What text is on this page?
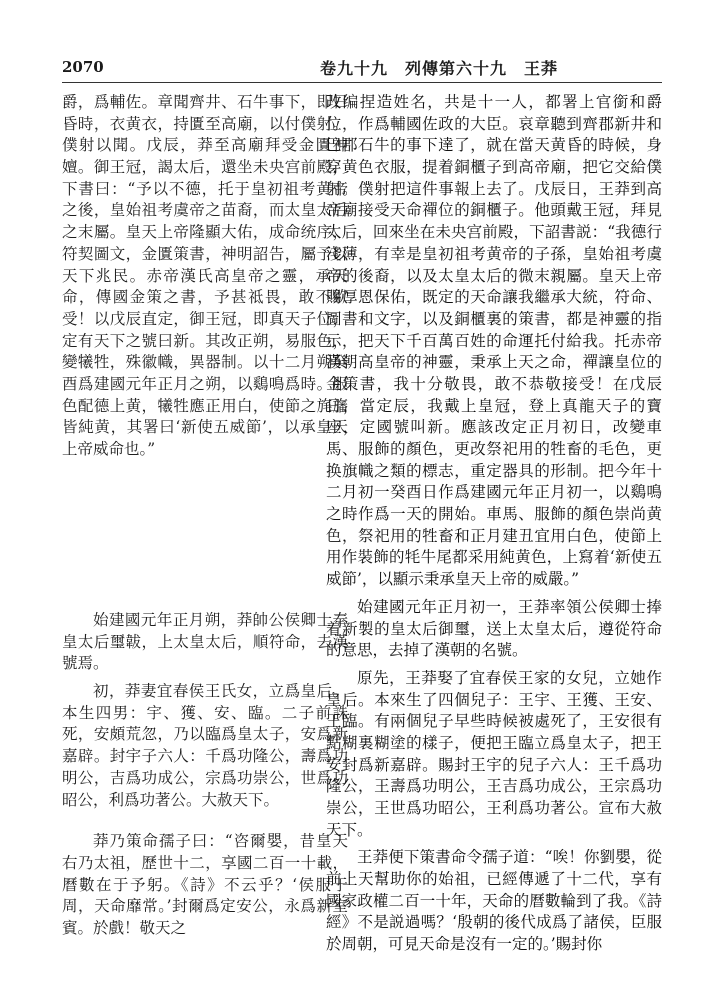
2070	卷九十九　列傳第六十九　王莽

爵，爲輔佐。章聞齊井、石牛事下，即日昏時，衣黄衣，持匱至高廟，以付僕射。僕射以聞。戊辰，莽至高廟拜受金匱神嬗。御王冠，謁太后，還坐未央宫前殿，下書曰：“予以不德，托于皇初祖考黄帝之後，皇始祖考虞帝之苗裔，而太皇太后之末屬。皇天上帝隆顯大佑，成命统序，符契圖文，金匱策書，神明詔告，屬予以天下兆民。赤帝漢氏高皇帝之靈，承天命，傳國金策之書，予甚祗畏，敢不欽受！以戊辰直定，御王冠，即真天子位，定有天下之號曰新。其改正朔，易服色，變犧牲，殊徽幟，異器制。以十二月朔癸酉爲建國元年正月之朔，以鷄鳴爲時。服色配德上黄，犧牲應正用白，使節之旄旛皆純黄，其署曰‘新使五威節’，以承皇天上帝威命也。”

始建國元年正月朔，莽帥公侯卿士奉皇太后璽韍，上太皇太后，順符命，去漢號焉。

初，莽妻宜春侯王氏女，立爲皇后。本生四男：宇、獲、安、臨。二子前誅死，安頗荒忽，乃以臨爲皇太子，安爲新嘉辟。封宇子六人：千爲功隆公，壽爲功明公，吉爲功成公，宗爲功崇公，世爲功昭公，利爲功著公。大赦天下。

莽乃策命孺子曰：“咨爾嬰，昔皇天右乃太祖，歷世十二，享國二百一十載，曆數在于予躬。《詩》不云乎？‘侯服于周，天命靡常。’封爾爲定安公，永爲新室賓。於戲！敬天之

改编捏造姓名，共是十一人，都署上官銜和爵位，作爲輔國佐政的大臣。哀章聽到齊郡新井和巴郡石牛的事下達了，就在當天黄昏的時候，身穿黄色衣服，提着銅櫃子到高帝廟，把它交給僕射。僕射把這件事報上去了。戊辰日，王莽到高帝廟接受天命禪位的銅櫃子。他頭戴王冠，拜見太后，回來坐在未央宫前殿，下詔書説：“我德行淺薄，有幸是皇初祖考黄帝的子孫，皇始祖考虞帝的後裔，以及太皇太后的微末親屬。皇天上帝賜厚恩保佑，既定的天命讓我繼承大統，符命、圖書和文字，以及銅櫃裏的策書，都是神靈的指示，把天下千百萬百姓的命運托付給我。托赤帝漢朝高皇帝的神靈，秉承上天之命，禪讓皇位的金策書，我十分敬畏，敢不恭敬接受！在戊辰日，當定辰，我戴上皇冠，登上真龍天子的寶座，定國號叫新。應該改定正月初日，改變車馬、服飾的顏色，更改祭祀用的牲畜的毛色，更换旗幟之類的標志，重定器具的形制。把今年十二月初一癸酉日作爲建國元年正月初一，以鷄鳴之時作爲一天的開始。車馬、服飾的顏色崇尚黄色，祭祀用的牲畜和正月建丑宜用白色，使節上用作裝飾的牦牛尾都采用純黄色，上寫着‘新使五威節’，以顯示秉承皇天上帝的威嚴。”

始建國元年正月初一，王莽率領公侯卿士捧着新製的皇太后御璽，送上太皇太后，遵從符命的意思，去掉了漢朝的名號。

原先，王莽娶了宜春侯王家的女兒，立她作皇后。本來生了四個兒子：王宇、王獲、王安、王臨。有兩個兒子早些時候被處死了，王安很有點糊裏糊塗的樣子，便把王臨立爲皇太子，把王安封爲新嘉辟。賜封王宇的兒子六人：王千爲功隆公，王壽爲功明公，王吉爲功成公，王宗爲功崇公，王世爲功昭公，王利爲功著公。宣布大赦天下。

王莽便下策書命令孺子道：“唉！你劉嬰，從前上天幫助你的始祖，已經傳遞了十二代，享有國家政權二百一十年，天命的曆數輪到了我。《詩經》不是説過嗎？‘殷朝的後代成爲了諸侯，臣服於周朝，可見天命是沒有一定的。’賜封你
